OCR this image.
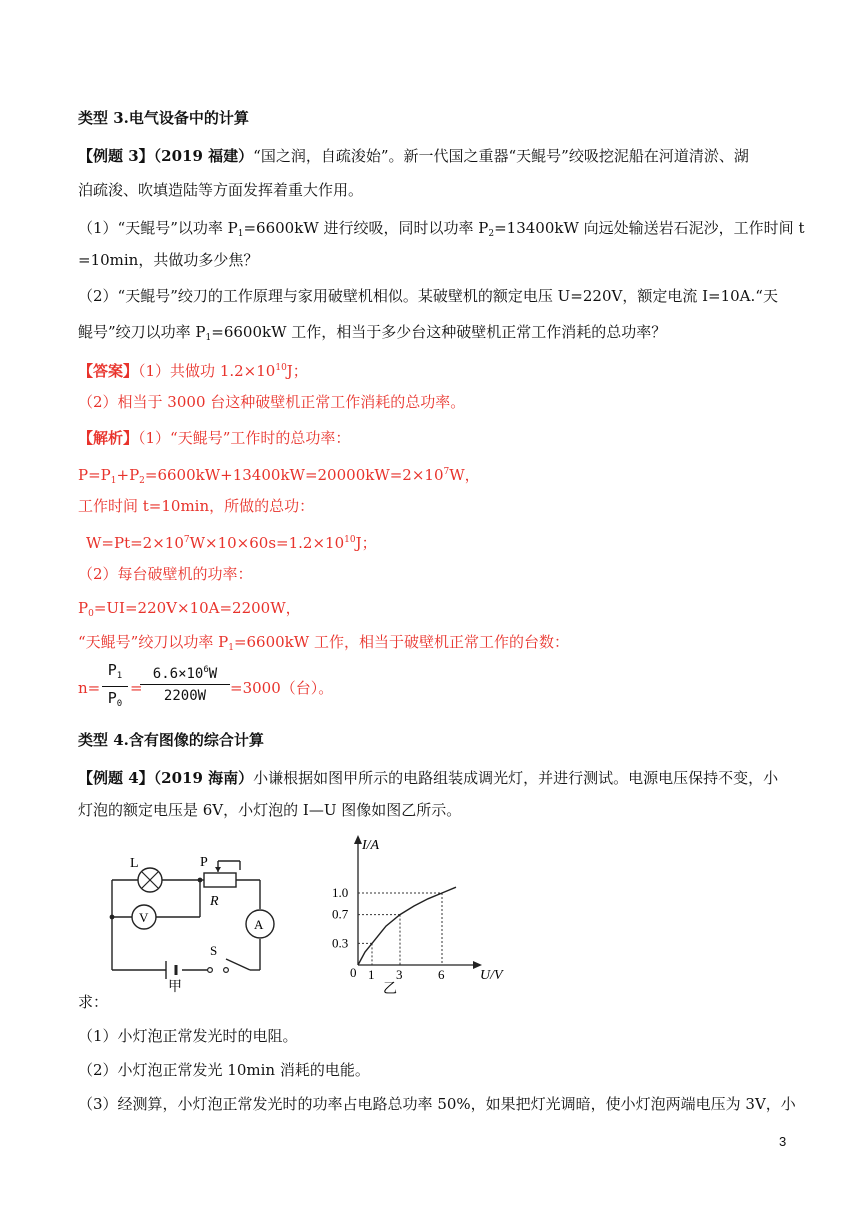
类型 3.电气设备中的计算
【例题 3】（2019 福建）“国之润，自疏浚始”。新一代国之重器“天鲲号”绞吸挖泥船在河道清淤、湖
泊疏浚、吹填造陆等方面发挥着重大作用。
（1）“天鲲号”以功率 $P_1=6600kW$ 进行绞吸，同时以功率 $P_2=13400kW$ 向远处输送岩石泥沙，工作时间 t
=10min，共做功多少焦？
（2）“天鲲号”绞刀的工作原理与家用破壁机相似。某破壁机的额定电压 U=220V，额定电流 I=10A.“天
鲲号”绞刀以功率 $P_1=6600kW$ 工作，相当于多少台这种破壁机正常工作消耗的总功率？
【答案】（1）共做功 $1.2\times 10^{10}J$；
（2）相当于 3000 台这种破壁机正常工作消耗的总功率。
【解析】（1）“天鲲号”工作时的总功率：
$P=P_1+P_2=6600kW+13400kW=20000kW=2\times 10^7W$，
工作时间 t=10min，所做的总功：
$W=Pt=2\times 10^7W\times 10\times 60s=1.2\times 10^{10}J$；
（2）每台破壁机的功率：
$P_0=UI=220V\times 10A=2200W$，
“天鲲号”绞刀以功率 $P_1=6600kW$ 工作，相当于破壁机正常工作的台数：
$n= \frac{P_1}{P_0}$ =
$\frac{6.6\times 10^6W}{2200W} =3000$（台）。
类型 4.含有图像的综合计算
【例题 4】（2019 海南）小谦根据如图甲所示的电路组装成调光灯，并进行测试。电源电压保持不变，小
灯泡的额定电压是 6V，小灯泡的 I—U 图像如图乙所示。
L	P
R
V	A
S
甲
I/A
U/V
0
乙
1 3	6
0.3
0.7
1.0
求：
（1）小灯泡正常发光时的电阻。
（2）小灯泡正常发光 10min 消耗的电能。
（3）经测算，小灯泡正常发光时的功率占电路总功率 50%，如果把灯光调暗，使小灯泡两端电压为 3V，小
3
